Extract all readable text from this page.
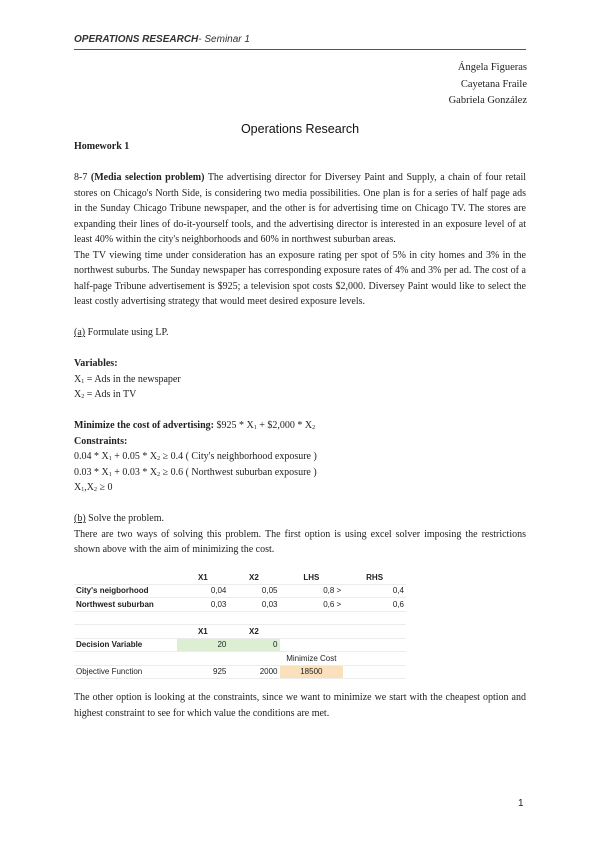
OPERATIONS RESEARCH- Seminar 1
Ángela Figueras
Cayetana Fraile
Gabriela González
Operations Research

Homework 1

8-7 (Media selection problem) The advertising director for Diversey Paint and Supply, a chain of four retail stores on Chicago's North Side, is considering two media possibilities. One plan is for a series of half page ads in the Sunday Chicago Tribune newspaper, and the other is for advertising time on Chicago TV. The stores are expanding their lines of do-it-yourself tools, and the advertising director is interested in an exposure level of at least 40% within the city's neighborhoods and 60% in northwest suburban areas.

The TV viewing time under consideration has an exposure rating per spot of 5% in city homes and 3% in the northwest suburbs. The Sunday newspaper has corresponding exposure rates of 4% and 3% per ad. The cost of a half-page Tribune advertisement is $925; a television spot costs $2,000. Diversey Paint would like to select the least costly advertising strategy that would meet desired exposure levels.

(a) Formulate using LP.

Variables:

$X_1$ = Ads in the newspaper

$X_2$ = Ads in TV

Minimize the cost of advertising: $925 * $X_1$ + $2,000 * $X_2$

Constraints:

$0.04 * X_1 + 0.05 * X_2 \ge 0.4$ ( City's neighborhood exposure )

$0.03 * X_1 + 0.03 * X_2 \ge 0.6$ ( Northwest suburban exposure )

$X_1,X_2 \ge 0$

(b) Solve the problem.

There are two ways of solving this problem. The first option is using excel solver imposing the restrictions shown above with the aim of minimizing the cost.

	X1	X2	LHS	RHS
City's neigborhood	0,04	0,05	0,8 >	0,4
Northwest suburban	0,03	0,03	0,6 >	0,6

	X1	X2		
Decision Variable	20	0		
			Minimize Cost	
Objective Function	925	2000	18500	

The other option is looking at the constraints, since we want to minimize we start with the cheapest option and highest constraint to see for which value the conditions are met.

1
